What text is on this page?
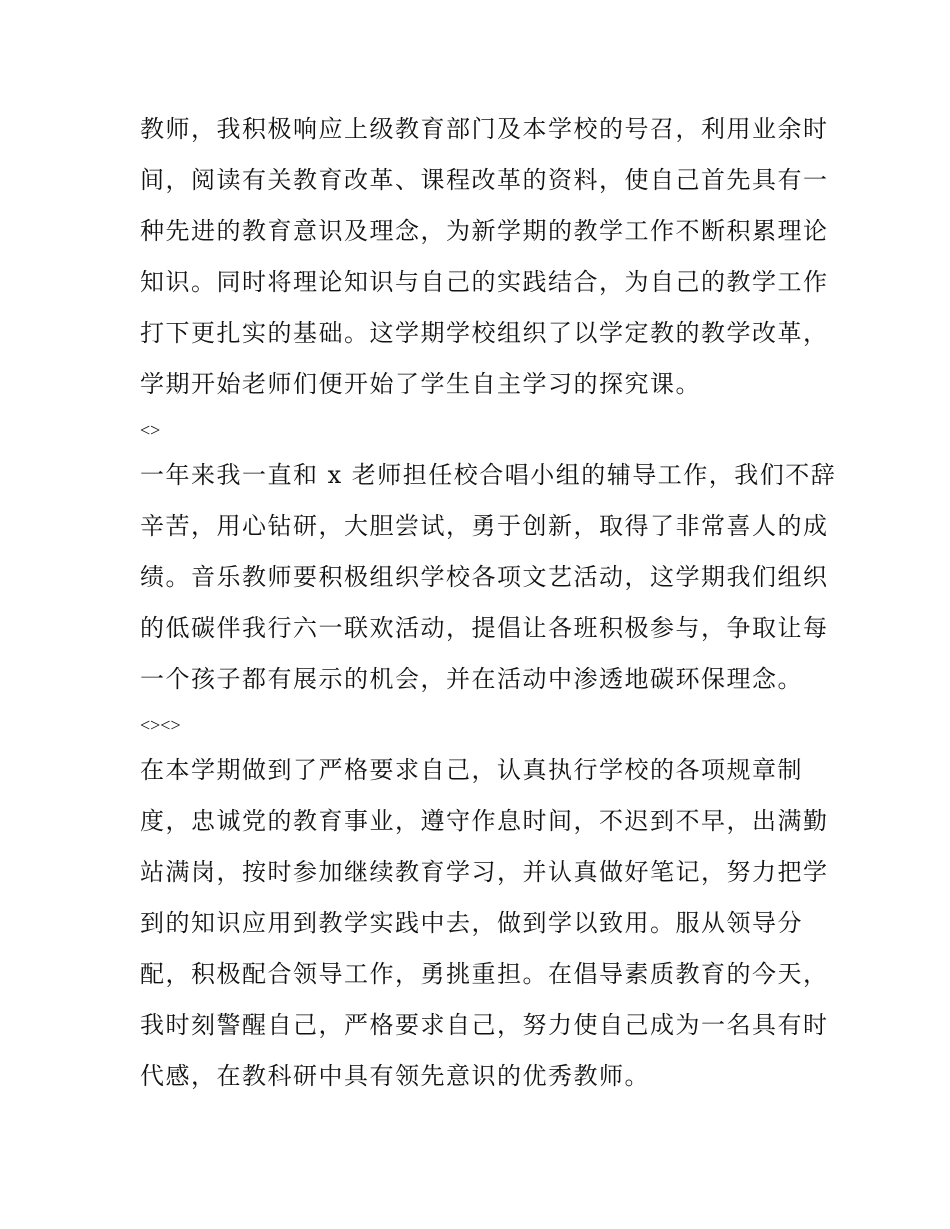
教师，我积极响应上级教育部门及本学校的号召，利用业余时
间，阅读有关教育改革、课程改革的资料，使自己首先具有一
种先进的教育意识及理念，为新学期的教学工作不断积累理论
知识。同时将理论知识与自己的实践结合，为自己的教学工作
打下更扎实的基础。这学期学校组织了以学定教的教学改革，
学期开始老师们便开始了学生自主学习的探究课。
<>
一年来我一直和 x 老师担任校合唱小组的辅导工作，我们不辞
辛苦，用心钻研，大胆尝试，勇于创新，取得了非常喜人的成
绩。音乐教师要积极组织学校各项文艺活动，这学期我们组织
的低碳伴我行六一联欢活动，提倡让各班积极参与，争取让每
一个孩子都有展示的机会，并在活动中渗透地碳环保理念。
<><>
在本学期做到了严格要求自己，认真执行学校的各项规章制
度，忠诚党的教育事业，遵守作息时间，不迟到不早，出满勤
站满岗，按时参加继续教育学习，并认真做好笔记，努力把学
到的知识应用到教学实践中去，做到学以致用。服从领导分
配，积极配合领导工作，勇挑重担。在倡导素质教育的今天，
我时刻警醒自己，严格要求自己，努力使自己成为一名具有时
代感，在教科研中具有领先意识的优秀教师。
